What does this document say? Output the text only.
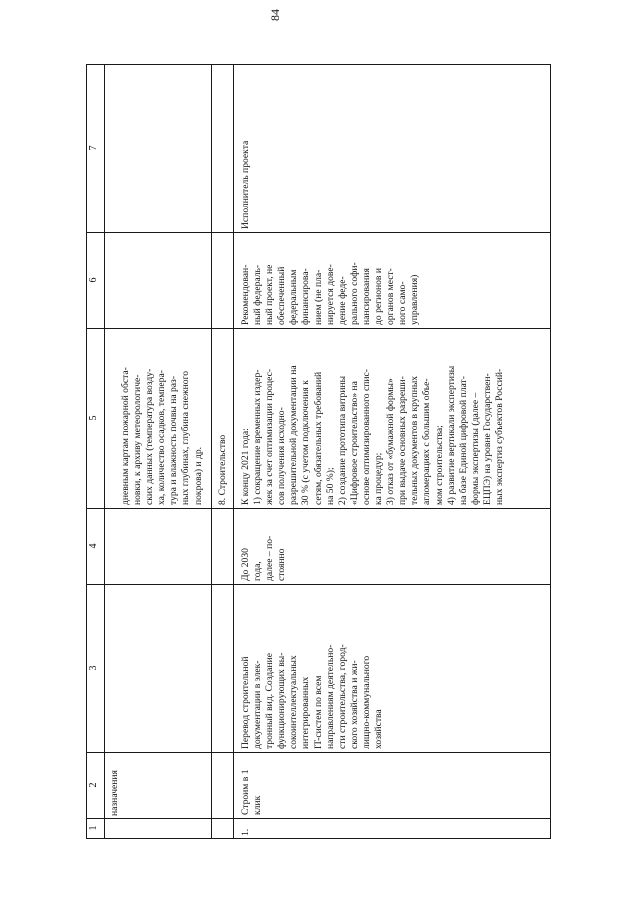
84
7
6
5
4
3
2
1
назначения
дневным картам пожарной обста-
новки, к архиву метеорологиче-
ских данных (температура возду-
ха, количество осадков, темпера-
тура и влажность почвы на раз-
ных глубинах, глубина снежного
покрова) и др.	8. Строительство
1.
Строим в 1
клик
Перевод строительной
документации в элек-
тронный вид. Создание
функционирующих вы-
сокоинтеллектуальных
интегрированных
IT-систем по всем
направлениям деятельно-
сти строительства, город-
ского хозяйства и жи-
лищно-коммунального
хозяйства
До 2030
года,
далее – по-
стоянно
К концу 2021 года:
1) сокращение временных издер-
жек за счет оптимизации процес-
сов получения исходно-
разрешительной документации на
30 % (с учетом подключения к
сетям, обязательных требований
на 50 %);
2) создание прототипа витрины
«Цифровое строительство» на
основе оптимизированного спис-
ка процедур;
3) отказ от «бумажной формы»
при выдаче основных разреши-
тельных документов в крупных
агломерациях с большим объе-
мом строительства;
4) развитие вертикали экспертизы
на базе Единой цифровой плат-
формы экспертизы (далее –
ЕЦПЭ) на уровне Государствен-
ных экспертиз субъектов Россий-
Рекомендован-
ный федераль-
ный проект, не
обеспеченный
федеральным
финансирова-
нием (не пла-
нируется дове-
дение феде-
рального софи-
нансирования
до регионов и
органов мест-
ного само-
управления)
Исполнитель проекта
